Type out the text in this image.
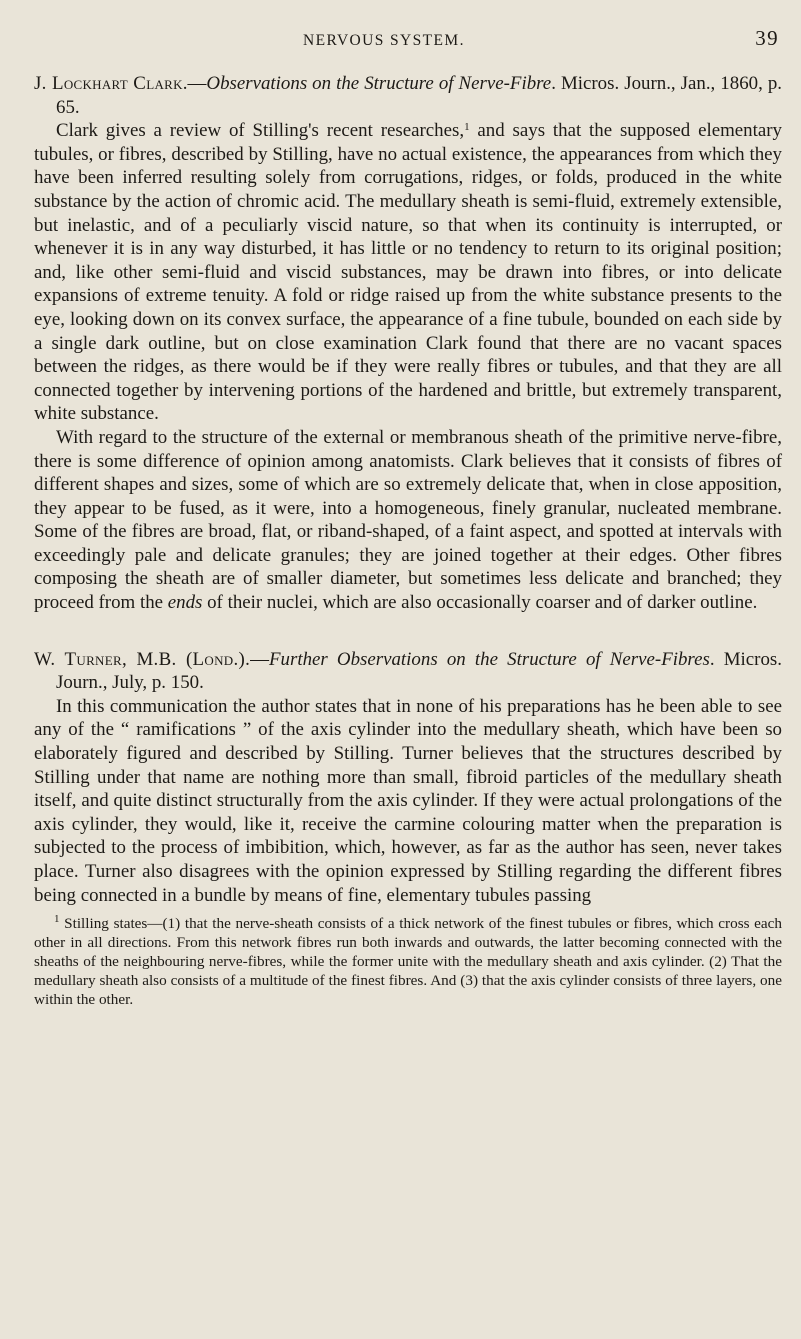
NERVOUS SYSTEM.	39

J. Lockhart Clark.—Observations on the Structure of Nerve-Fibre. Micros. Journ., Jan., 1860, p. 65.

Clark gives a review of Stilling's recent researches,$^1$ and says that the supposed elementary tubules, or fibres, described by Stilling, have no actual existence, the appearances from which they have been inferred resulting solely from corrugations, ridges, or folds, produced in the white substance by the action of chromic acid. The medullary sheath is semi-fluid, extremely extensible, but inelastic, and of a peculiarly viscid nature, so that when its continuity is interrupted, or whenever it is in any way disturbed, it has little or no tendency to return to its original position; and, like other semi-fluid and viscid substances, may be drawn into fibres, or into delicate expansions of extreme tenuity. A fold or ridge raised up from the white substance presents to the eye, looking down on its convex surface, the appearance of a fine tubule, bounded on each side by a single dark outline, but on close examination Clark found that there are no vacant spaces between the ridges, as there would be if they were really fibres or tubules, and that they are all connected together by intervening portions of the hardened and brittle, but extremely transparent, white substance.

With regard to the structure of the external or membranous sheath of the primitive nerve-fibre, there is some difference of opinion among anatomists. Clark believes that it consists of fibres of different shapes and sizes, some of which are so extremely delicate that, when in close apposition, they appear to be fused, as it were, into a homogeneous, finely granular, nucleated membrane. Some of the fibres are broad, flat, or riband-shaped, of a faint aspect, and spotted at intervals with exceedingly pale and delicate granules; they are joined together at their edges. Other fibres composing the sheath are of smaller diameter, but sometimes less delicate and branched; they proceed from the ends of their nuclei, which are also occasionally coarser and of darker outline.

W. Turner, M.B. (Lond.).—Further Observations on the Structure of Nerve-Fibres. Micros. Journ., July, p. 150.

In this communication the author states that in none of his preparations has he been able to see any of the “ ramifications ” of the axis cylinder into the medullary sheath, which have been so elaborately figured and described by Stilling. Turner believes that the structures described by Stilling under that name are nothing more than small, fibroid particles of the medullary sheath itself, and quite distinct structurally from the axis cylinder. If they were actual prolongations of the axis cylinder, they would, like it, receive the carmine colouring matter when the preparation is subjected to the process of imbibition, which, however, as far as the author has seen, never takes place. Turner also disagrees with the opinion expressed by Stilling regarding the different fibres being connected in a bundle by means of fine, elementary tubules passing

$^1$ Stilling states—(1) that the nerve-sheath consists of a thick network of the finest tubules or fibres, which cross each other in all directions. From this network fibres run both inwards and outwards, the latter becoming connected with the sheaths of the neighbouring nerve-fibres, while the former unite with the medullary sheath and axis cylinder. (2) That the medullary sheath also consists of a multitude of the finest fibres. And (3) that the axis cylinder consists of three layers, one within the other.
